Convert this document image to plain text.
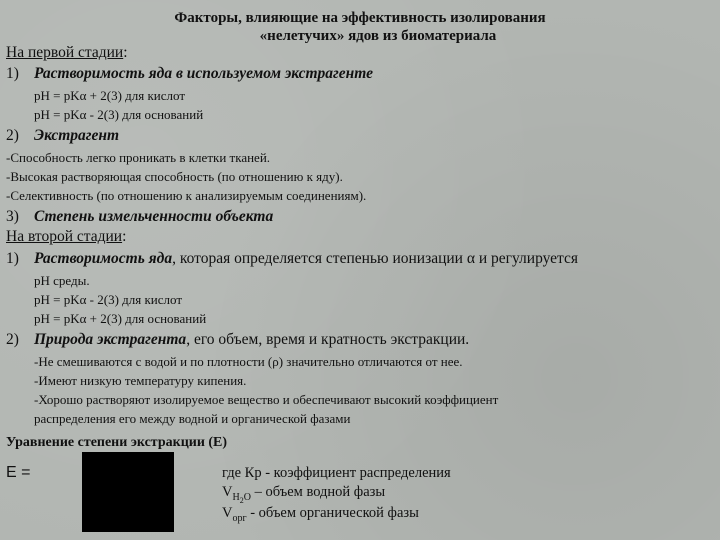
Факторы, влияющие на эффективность изолирования
«нелетучих» ядов из биоматериала
На первой стадии:
1) Растворимость яда в используемом экстрагенте
pH = pKα + 2(3) для кислот
pH = pKα - 2(3) для оснований
2) Экстрагент
-Способность легко проникать в клетки тканей.
-Высокая растворяющая способность (по отношению к яду).
-Селективность (по отношению к анализируемым соединениям).
3) Степень измельченности объекта
На второй стадии:
1) Растворимость яда, которая определяется степенью ионизации α и регулируется
pH среды.
pH = pKα - 2(3) для кислот
pH = pKα + 2(3) для оснований
2) Природа экстрагента, его объем, время и кратность экстракции.
-Не смешиваются с водой и по плотности (ρ) значительно отличаются от нее.
-Имеют низкую температуру кипения.
-Хорошо растворяют изолируемое вещество и обеспечивают высокий коэффициент
распределения его между водной и органической фазами
Уравнение степени экстракции (Е)
E =	где Кр - коэффициент распределения
$V_{H_2O}$ – объем водной фазы
$V_{орг}$ - объем органической фазы
